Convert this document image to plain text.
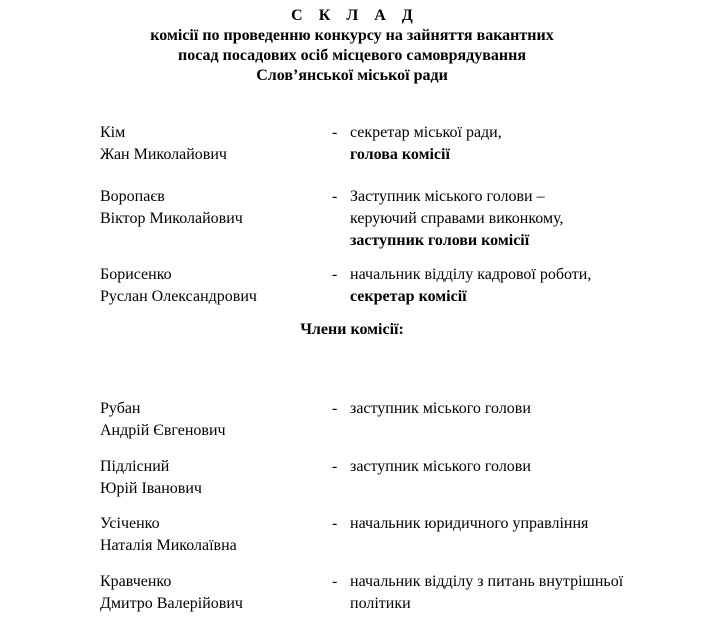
С К Л А Д
комісії по проведенню конкурсу на зайняття вакантних
посад посадових осіб місцевого самоврядування
Слов’янської міської ради
Кім
Жан Миколайович
- секретар міської ради,
голова комісії
Воропаєв
Віктор Миколайович
- Заступник міського голови –
керуючий справами виконкому,
заступник голови комісії
Борисенко
Руслан Олександрович
- начальник відділу кадрової роботи,
секретар комісії
Члени комісії:
Рубан
Андрій Євгенович
- заступник міського голови
Підлісний
Юрій Іванович
- заступник міського голови
Усіченко
Наталія Миколаївна
- начальник юридичного управління
Кравченко
Дмитро Валерійович
- начальник відділу з питань внутрішньої
політики
